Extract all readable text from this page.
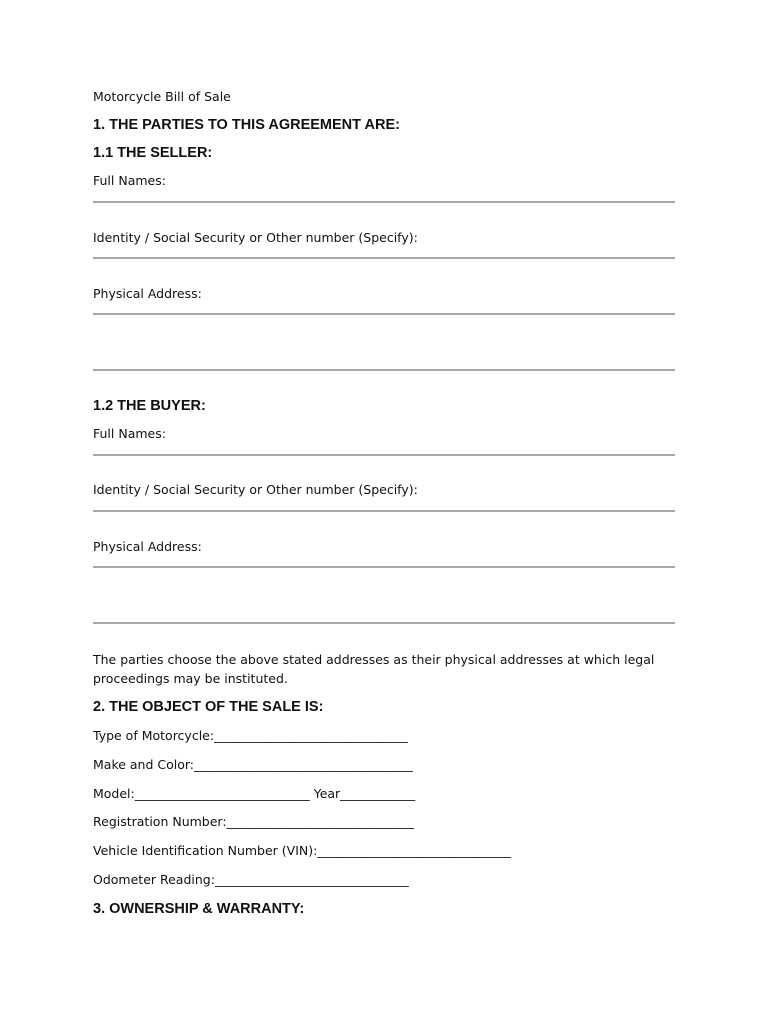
Motorcycle Bill of Sale
1. THE PARTIES TO THIS AGREEMENT ARE:
1.1 THE SELLER:
Full Names:
Identity / Social Security or Other number (Specify):
Physical Address:
1.2 THE BUYER:
Full Names:
Identity / Social Security or Other number (Specify):
Physical Address:
The parties choose the above stated addresses as their physical addresses at which legal proceedings may be instituted.
2. THE OBJECT OF THE SALE IS:
Type of Motorcycle:_______________________________
Make and Color:___________________________________
Model:____________________________ Year____________
Registration Number:______________________________
Vehicle Identification Number (VIN):_______________________________
Odometer Reading:_______________________________
3. OWNERSHIP & WARRANTY:
